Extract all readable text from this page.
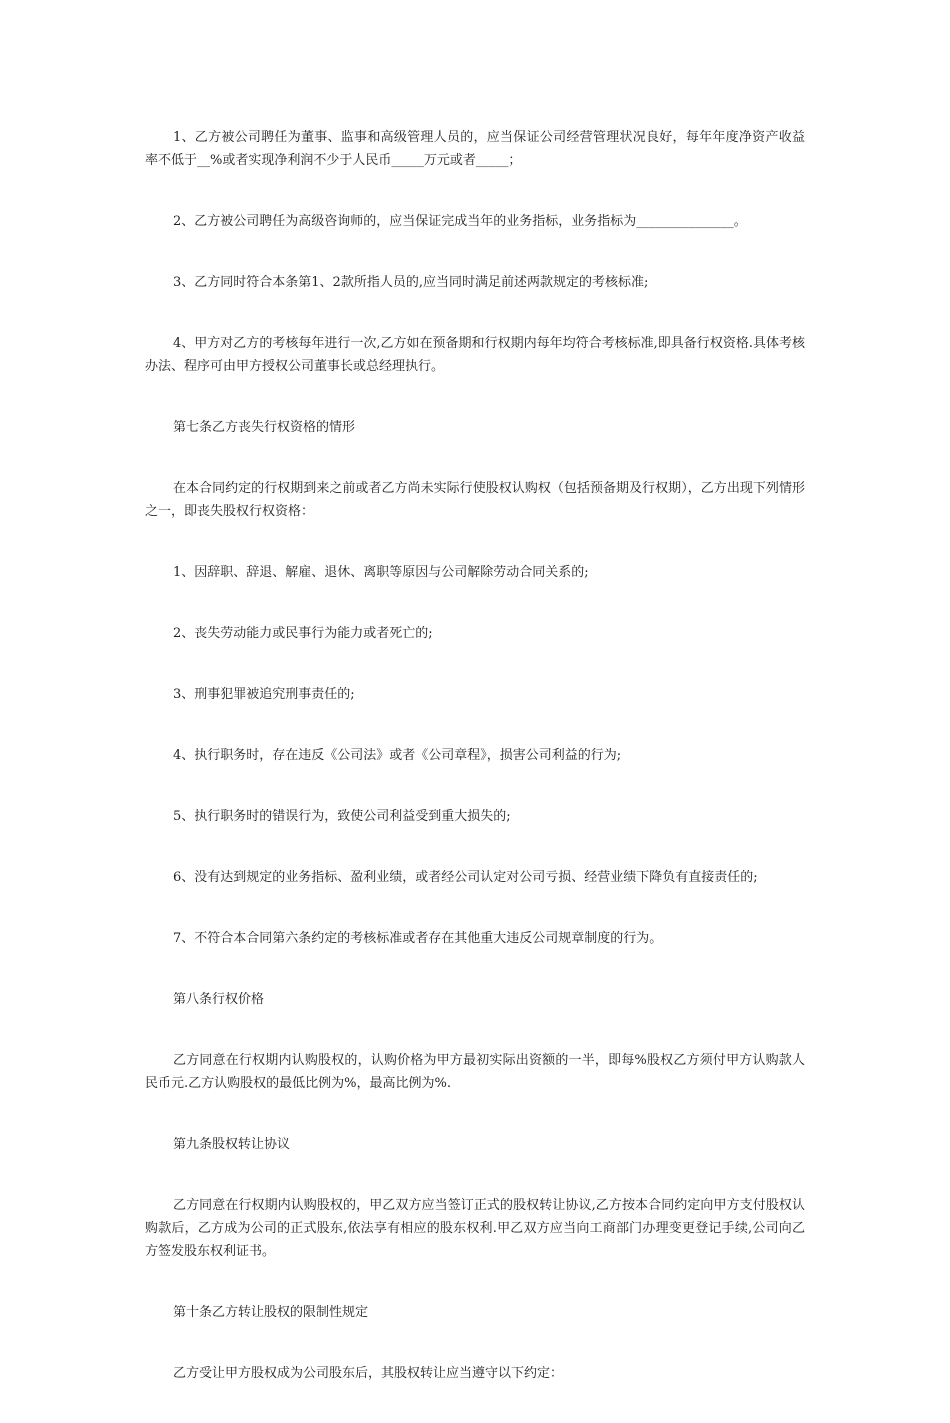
1、乙方被公司聘任为董事、监事和高级管理人员的，应当保证公司经营管理状况良好，每年年度净资产收益率不低于__%或者实现净利润不少于人民币_____万元或者_____；

2、乙方被公司聘任为高级咨询师的，应当保证完成当年的业务指标，业务指标为_______________。

3、乙方同时符合本条第1、2款所指人员的,应当同时满足前述两款规定的考核标准;

4、甲方对乙方的考核每年进行一次,乙方如在预备期和行权期内每年均符合考核标准,即具备行权资格.具体考核办法、程序可由甲方授权公司董事长或总经理执行。

第七条乙方丧失行权资格的情形

在本合同约定的行权期到来之前或者乙方尚未实际行使股权认购权（包括预备期及行权期），乙方出现下列情形之一，即丧失股权行权资格：

1、因辞职、辞退、解雇、退休、离职等原因与公司解除劳动合同关系的;

2、丧失劳动能力或民事行为能力或者死亡的;

3、刑事犯罪被追究刑事责任的;

4、执行职务时，存在违反《公司法》或者《公司章程》，损害公司利益的行为;

5、执行职务时的错误行为，致使公司利益受到重大损失的;

6、没有达到规定的业务指标、盈利业绩，或者经公司认定对公司亏损、经营业绩下降负有直接责任的;

7、不符合本合同第六条约定的考核标准或者存在其他重大违反公司规章制度的行为。

第八条行权价格

乙方同意在行权期内认购股权的，认购价格为甲方最初实际出资额的一半，即每%股权乙方须付甲方认购款人民币元.乙方认购股权的最低比例为%，最高比例为%.

第九条股权转让协议

乙方同意在行权期内认购股权的，甲乙双方应当签订正式的股权转让协议,乙方按本合同约定向甲方支付股权认购款后，乙方成为公司的正式股东,依法享有相应的股东权利.甲乙双方应当向工商部门办理变更登记手续,公司向乙方签发股东权利证书。

第十条乙方转让股权的限制性规定

乙方受让甲方股权成为公司股东后，其股权转让应当遵守以下约定：
